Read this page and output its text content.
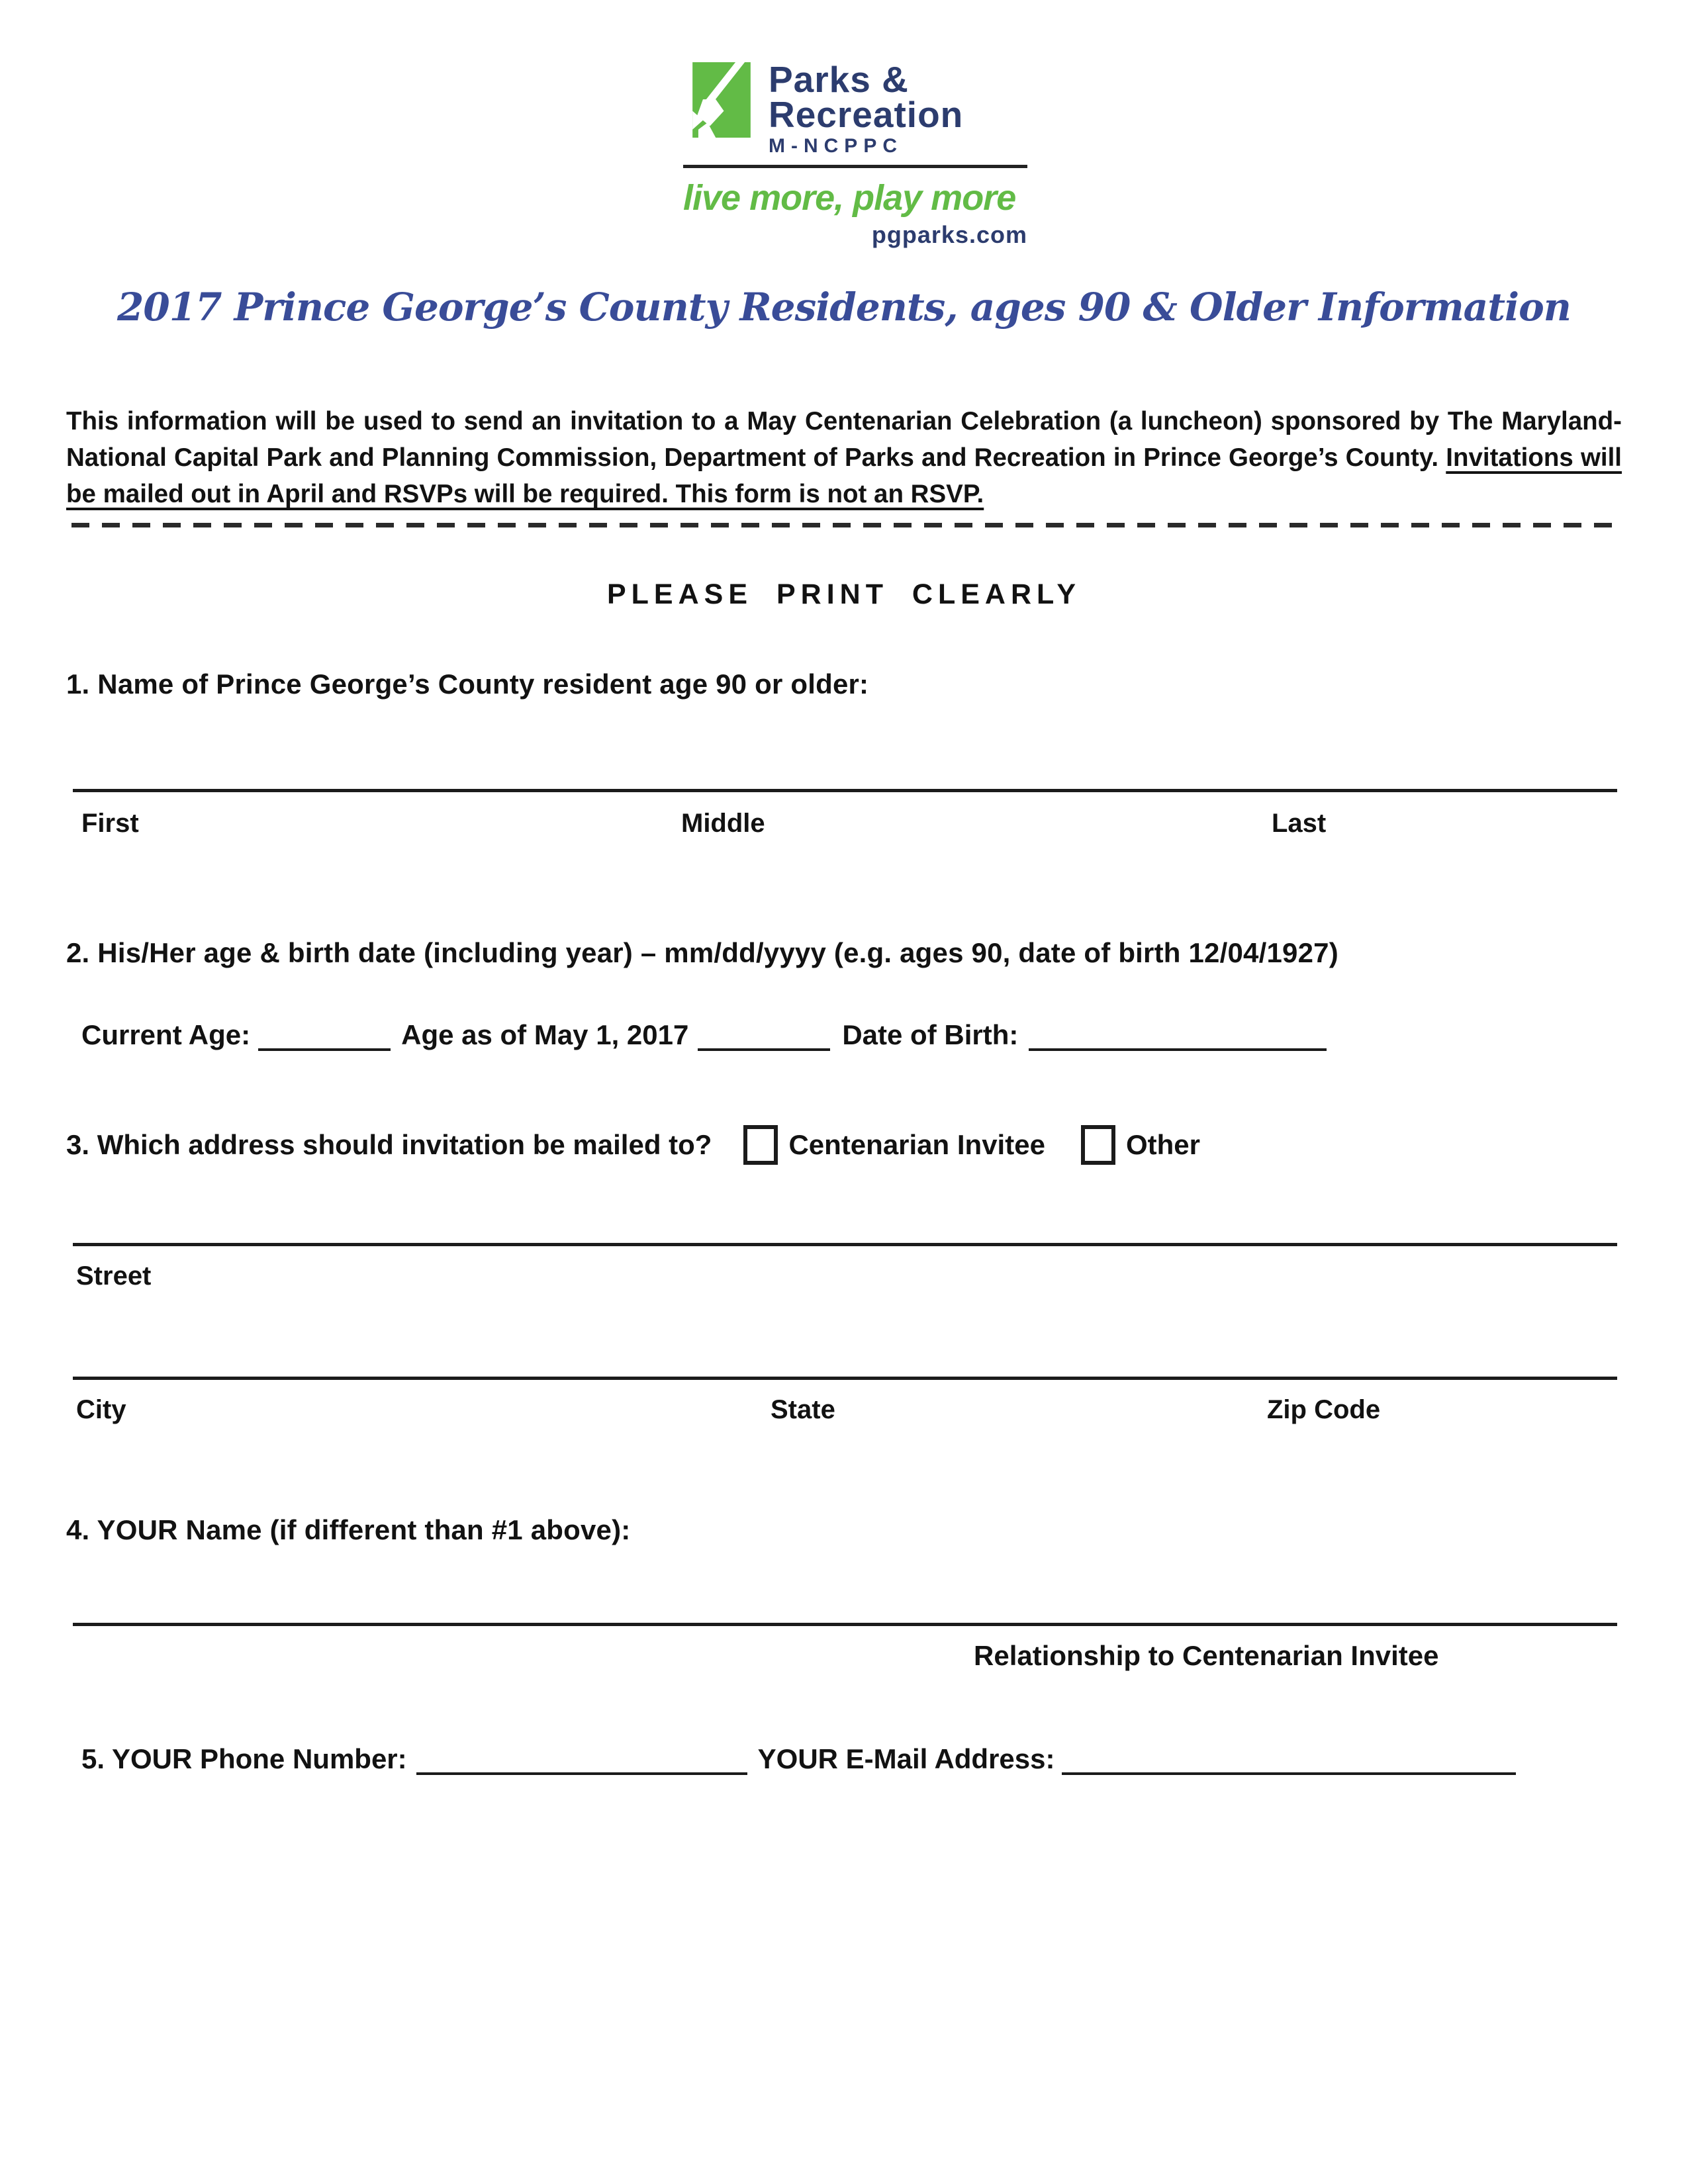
Parks &
Recreation
M-NCPPC
live more, play more
pgparks.com
2017 Prince George’s County Residents, ages 90 & Older Information

This information will be used to send an invitation to a May Centenarian Celebration (a luncheon) sponsored by The Maryland-National Capital Park and Planning Commission, Department of Parks and Recreation in Prince George’s County. Invitations will be mailed out in April and RSVPs will be required. This form is not an RSVP.

PLEASE PRINT CLEARLY
1. Name of Prince George’s County resident age 90 or older:
First	Middle	Last
2. His/Her age & birth date (including year) – mm/dd/yyyy (e.g. ages 90, date of birth 12/04/1927)
Current Age:	Age as of May 1, 2017	Date of Birth:
3. Which address should invitation be mailed to?	Centenarian Invitee	Other
Street
City	State	Zip Code
4. YOUR Name (if different than #1 above):
Relationship to Centenarian Invitee
5. YOUR Phone Number:	YOUR E-Mail Address:
